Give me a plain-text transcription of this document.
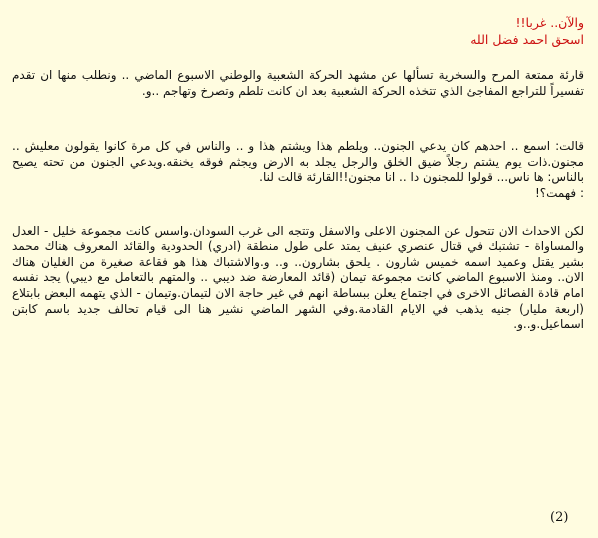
والآن.. غربا!!

اسحق احمد فضل الله

قارئة ممتعة المرح والسخرية تسألها عن مشهد الحركة الشعبية والوطني الاسبوع الماضي .. ونطلب منها ان تقدم تفسيراً للتراجع المفاجئ الذي تتخذه الحركة الشعبية بعد ان كانت تلطم وتصرخ وتهاجم ..و.

قالت: اسمع .. احدهم كان يدعي الجنون.. ويلطم هذا ويشتم هذا و .. والناس في كل مرة كانوا يقولون معليش .. مجنون.ذات يوم يشتم رجلاً ضيق الخلق والرجل يجلد به الارض ويجثم فوقه يخنقه.ويدعي الجنون من تحته يصيح بالناس: ها ناس... قولوا للمجنون دا .. انا مجنون!!القارئة قالت لنا.

: فهمت؟!

لكن الاحداث الان تتحول عن المجنون الاعلى والاسفل وتتجه الى غرب السودان.واسس كانت مجموعة خليل - العدل والمساواة - تشتبك في قتال عنصري عنيف يمتد على طول منطقة (ادري) الحدودية والقائد المعروف هناك محمد بشير يقتل وعميد اسمه خميس شارون . يلحق بشارون.. و.. و.والاشتباك هذا هو فقاعة صغيرة من الغليان هناك الان.. ومنذ الاسبوع الماضي كانت مجموعة تيمان (قائد المعارضة ضد ديبي .. والمتهم بالتعامل مع ديبي) يجد نفسه امام قادة الفصائل الاخرى في اجتماع يعلن ببساطة انهم في غير حاجة الان لتيمان.وتيمان - الذي يتهمه البعض بابتلاع (اربعة مليار) جنيه يذهب في الايام القادمة.وفي الشهر الماضي نشير هنا الى قيام تحالف جديد باسم كابتن اسماعيل.و..و.

(2)
